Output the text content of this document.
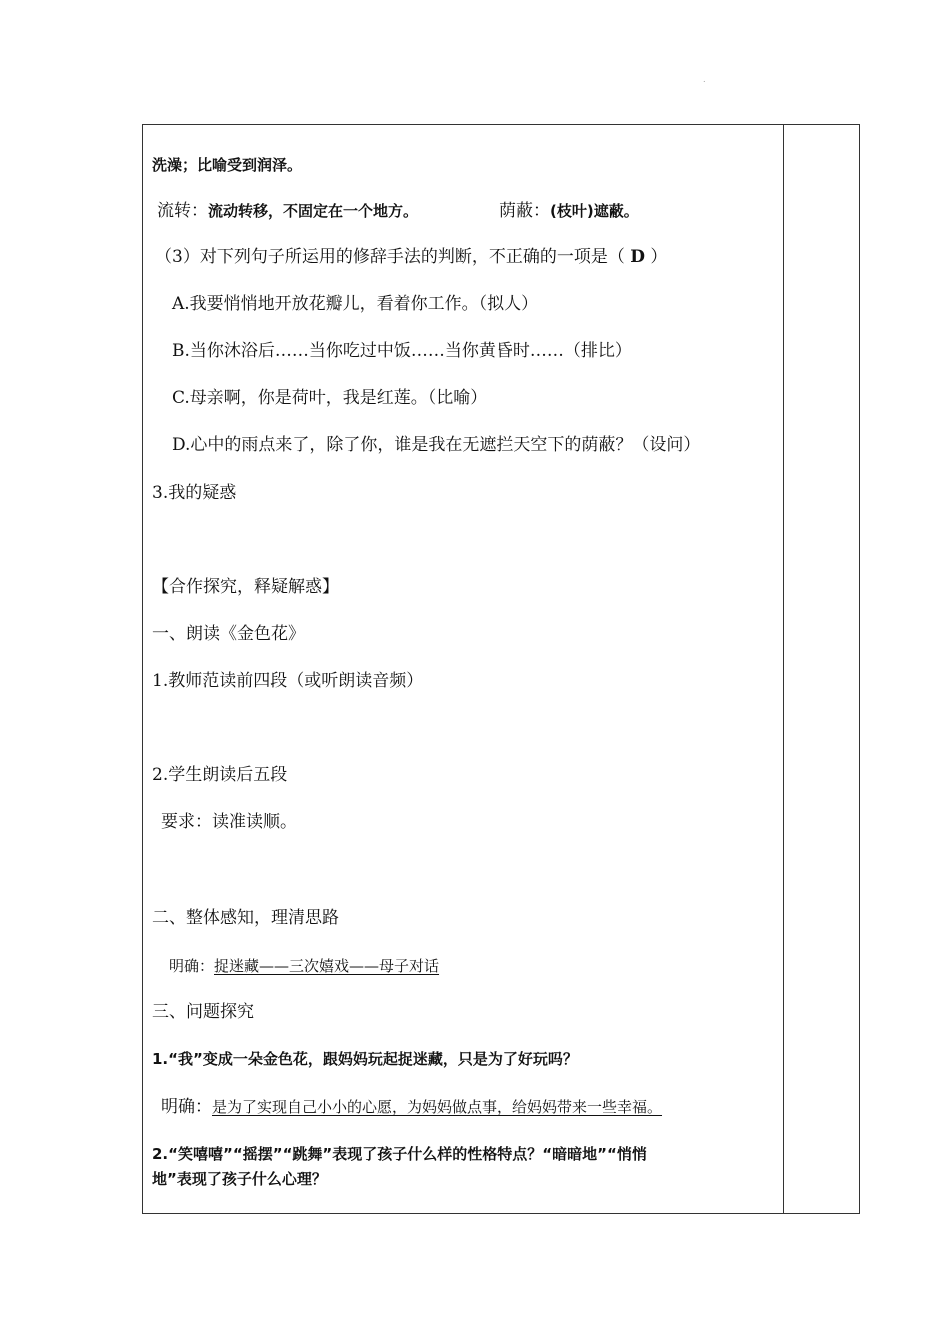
.
洗澡；比喻受到润泽。
流转：流动转移，不固定在一个地方。	荫蔽：(枝叶)遮蔽。
（3）对下列句子所运用的修辞手法的判断，不正确的一项是（ D ）
A.我要悄悄地开放花瓣儿，看着你工作。（拟人）
B.当你沐浴后……当你吃过中饭……当你黄昏时……（排比）
C.母亲啊，你是荷叶，我是红莲。（比喻）
D.心中的雨点来了，除了你，谁是我在无遮拦天空下的荫蔽？（设问）
3.我的疑惑
【合作探究，释疑解惑】
一、朗读《金色花》
1.教师范读前四段（或听朗读音频）
2.学生朗读后五段
要求：读准读顺。
二、整体感知，理清思路
明确：捉迷藏——三次嬉戏——母子对话
三、问题探究
1.“我”变成一朵金色花，跟妈妈玩起捉迷藏，只是为了好玩吗？
明确：是为了实现自己小小的心愿，为妈妈做点事，给妈妈带来一些幸福。
2.“笑嘻嘻”“摇摆”“跳舞”表现了孩子什么样的性格特点？“暗暗地”“悄悄
地”表现了孩子什么心理？
